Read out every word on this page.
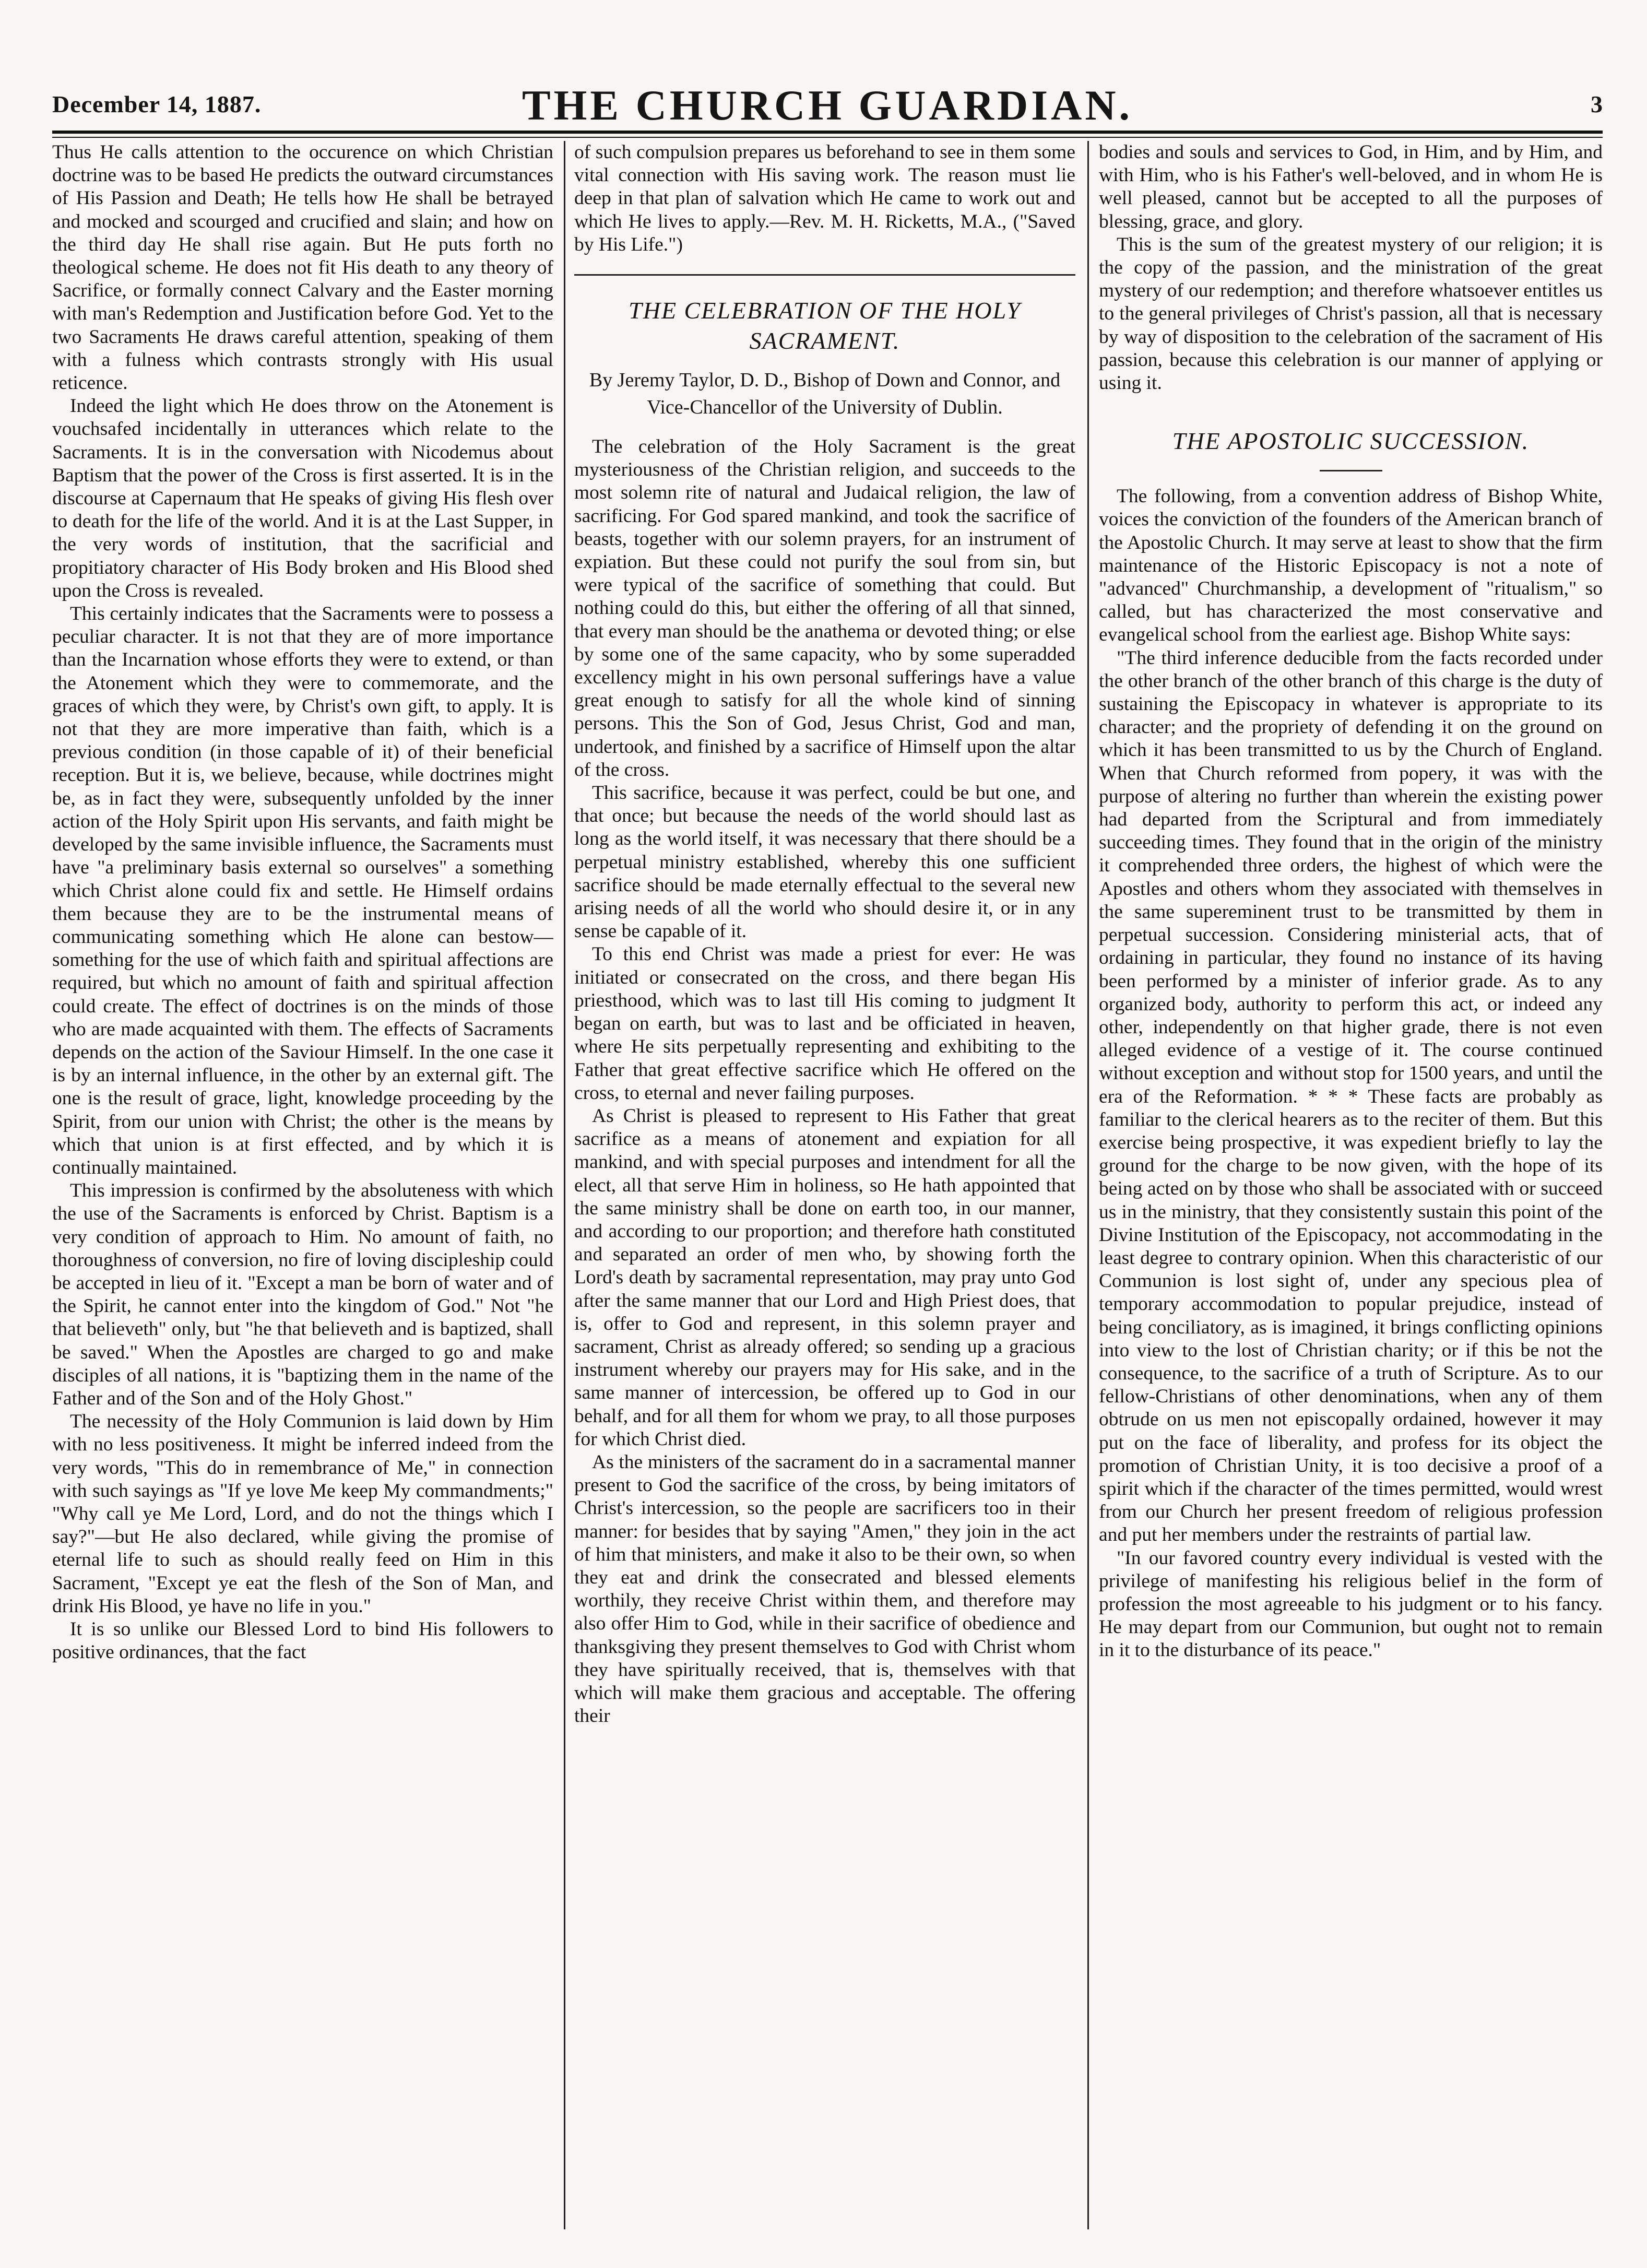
December 14, 1887.	THE CHURCH GUARDIAN.	3

Thus He calls attention to the occurence on which Christian doctrine was to be based He predicts the outward circumstances of His Passion and Death; He tells how He shall be betrayed and mocked and scourged and crucified and slain; and how on the third day He shall rise again. But He puts forth no theological scheme. He does not fit His death to any theory of Sacrifice, or formally connect Calvary and the Easter morning with man's Redemption and Justification before God. Yet to the two Sacraments He draws careful attention, speaking of them with a fulness which contrasts strongly with His usual reticence.

Indeed the light which He does throw on the Atonement is vouchsafed incidentally in utterances which relate to the Sacraments. It is in the conversation with Nicodemus about Baptism that the power of the Cross is first asserted. It is in the discourse at Capernaum that He speaks of giving His flesh over to death for the life of the world. And it is at the Last Supper, in the very words of institution, that the sacrificial and propitiatory character of His Body broken and His Blood shed upon the Cross is revealed.

This certainly indicates that the Sacraments were to possess a peculiar character. It is not that they are of more importance than the Incarnation whose efforts they were to extend, or than the Atonement which they were to commemorate, and the graces of which they were, by Christ's own gift, to apply. It is not that they are more imperative than faith, which is a previous condition (in those capable of it) of their beneficial reception. But it is, we believe, because, while doctrines might be, as in fact they were, subsequently unfolded by the inner action of the Holy Spirit upon His servants, and faith might be developed by the same invisible influence, the Sacraments must have "a preliminary basis external so ourselves" a something which Christ alone could fix and settle. He Himself ordains them because they are to be the instrumental means of communicating something which He alone can bestow—something for the use of which faith and spiritual affections are required, but which no amount of faith and spiritual affection could create. The effect of doctrines is on the minds of those who are made acquainted with them. The effects of Sacraments depends on the action of the Saviour Himself. In the one case it is by an internal influence, in the other by an external gift. The one is the result of grace, light, knowledge proceeding by the Spirit, from our union with Christ; the other is the means by which that union is at first effected, and by which it is continually maintained.

This impression is confirmed by the absoluteness with which the use of the Sacraments is enforced by Christ. Baptism is a very condition of approach to Him. No amount of faith, no thoroughness of conversion, no fire of loving discipleship could be accepted in lieu of it. "Except a man be born of water and of the Spirit, he cannot enter into the kingdom of God." Not "he that believeth" only, but "he that believeth and is baptized, shall be saved." When the Apostles are charged to go and make disciples of all nations, it is "baptizing them in the name of the Father and of the Son and of the Holy Ghost."

The necessity of the Holy Communion is laid down by Him with no less positiveness. It might be inferred indeed from the very words, "This do in remembrance of Me," in connection with such sayings as "If ye love Me keep My commandments;" "Why call ye Me Lord, Lord, and do not the things which I say?"—but He also declared, while giving the promise of eternal life to such as should really feed on Him in this Sacrament, "Except ye eat the flesh of the Son of Man, and drink His Blood, ye have no life in you."

It is so unlike our Blessed Lord to bind His followers to positive ordinances, that the fact

of such compulsion prepares us beforehand to see in them some vital connection with His saving work. The reason must lie deep in that plan of salvation which He came to work out and which He lives to apply.—Rev. M. H. Ricketts, M.A., ("Saved by His Life.")

THE CELEBRATION OF THE HOLY SACRAMENT.
By Jeremy Taylor, D. D., Bishop of Down and Connor, and Vice-Chancellor of the University of Dublin.

The celebration of the Holy Sacrament is the great mysteriousness of the Christian religion, and succeeds to the most solemn rite of natural and Judaical religion, the law of sacrificing. For God spared mankind, and took the sacrifice of beasts, together with our solemn prayers, for an instrument of expiation. But these could not purify the soul from sin, but were typical of the sacrifice of something that could. But nothing could do this, but either the offering of all that sinned, that every man should be the anathema or devoted thing; or else by some one of the same capacity, who by some superadded excellency might in his own personal sufferings have a value great enough to satisfy for all the whole kind of sinning persons. This the Son of God, Jesus Christ, God and man, undertook, and finished by a sacrifice of Himself upon the altar of the cross.

This sacrifice, because it was perfect, could be but one, and that once; but because the needs of the world should last as long as the world itself, it was necessary that there should be a perpetual ministry established, whereby this one sufficient sacrifice should be made eternally effectual to the several new arising needs of all the world who should desire it, or in any sense be capable of it.

To this end Christ was made a priest for ever: He was initiated or consecrated on the cross, and there began His priesthood, which was to last till His coming to judgment It began on earth, but was to last and be officiated in heaven, where He sits perpetually representing and exhibiting to the Father that great effective sacrifice which He offered on the cross, to eternal and never failing purposes.

As Christ is pleased to represent to His Father that great sacrifice as a means of atonement and expiation for all mankind, and with special purposes and intendment for all the elect, all that serve Him in holiness, so He hath appointed that the same ministry shall be done on earth too, in our manner, and according to our proportion; and therefore hath constituted and separated an order of men who, by showing forth the Lord's death by sacramental representation, may pray unto God after the same manner that our Lord and High Priest does, that is, offer to God and represent, in this solemn prayer and sacrament, Christ as already offered; so sending up a gracious instrument whereby our prayers may for His sake, and in the same manner of intercession, be offered up to God in our behalf, and for all them for whom we pray, to all those purposes for which Christ died.

As the ministers of the sacrament do in a sacramental manner present to God the sacrifice of the cross, by being imitators of Christ's intercession, so the people are sacrificers too in their manner: for besides that by saying "Amen," they join in the act of him that ministers, and make it also to be their own, so when they eat and drink the consecrated and blessed elements worthily, they receive Christ within them, and therefore may also offer Him to God, while in their sacrifice of obedience and thanksgiving they present themselves to God with Christ whom they have spiritually received, that is, themselves with that which will make them gracious and acceptable. The offering their

bodies and souls and services to God, in Him, and by Him, and with Him, who is his Father's well-beloved, and in whom He is well pleased, cannot but be accepted to all the purposes of blessing, grace, and glory.

This is the sum of the greatest mystery of our religion; it is the copy of the passion, and the ministration of the great mystery of our redemption; and therefore whatsoever entitles us to the general privileges of Christ's passion, all that is necessary by way of disposition to the celebration of the sacrament of His passion, because this celebration is our manner of applying or using it.

THE APOSTOLIC SUCCESSION.

The following, from a convention address of Bishop White, voices the conviction of the founders of the American branch of the Apostolic Church. It may serve at least to show that the firm maintenance of the Historic Episcopacy is not a note of "advanced" Churchmanship, a development of "ritualism," so called, but has characterized the most conservative and evangelical school from the earliest age. Bishop White says:

"The third inference deducible from the facts recorded under the other branch of the other branch of this charge is the duty of sustaining the Episcopacy in whatever is appropriate to its character; and the propriety of defending it on the ground on which it has been transmitted to us by the Church of England. When that Church reformed from popery, it was with the purpose of altering no further than wherein the existing power had departed from the Scriptural and from immediately succeeding times. They found that in the origin of the ministry it comprehended three orders, the highest of which were the Apostles and others whom they associated with themselves in the same supereminent trust to be transmitted by them in perpetual succession. Considering ministerial acts, that of ordaining in particular, they found no instance of its having been performed by a minister of inferior grade. As to any organized body, authority to perform this act, or indeed any other, independently on that higher grade, there is not even alleged evidence of a vestige of it. The course continued without exception and without stop for 1500 years, and until the era of the Reformation. * * * These facts are probably as familiar to the clerical hearers as to the reciter of them. But this exercise being prospective, it was expedient briefly to lay the ground for the charge to be now given, with the hope of its being acted on by those who shall be associated with or succeed us in the ministry, that they consistently sustain this point of the Divine Institution of the Episcopacy, not accommodating in the least degree to contrary opinion. When this characteristic of our Communion is lost sight of, under any specious plea of temporary accommodation to popular prejudice, instead of being conciliatory, as is imagined, it brings conflicting opinions into view to the lost of Christian charity; or if this be not the consequence, to the sacrifice of a truth of Scripture. As to our fellow-Christians of other denominations, when any of them obtrude on us men not episcopally ordained, however it may put on the face of liberality, and profess for its object the promotion of Christian Unity, it is too decisive a proof of a spirit which if the character of the times permitted, would wrest from our Church her present freedom of religious profession and put her members under the restraints of partial law.

"In our favored country every individual is vested with the privilege of manifesting his religious belief in the form of profession the most agreeable to his judgment or to his fancy. He may depart from our Communion, but ought not to remain in it to the disturbance of its peace."
